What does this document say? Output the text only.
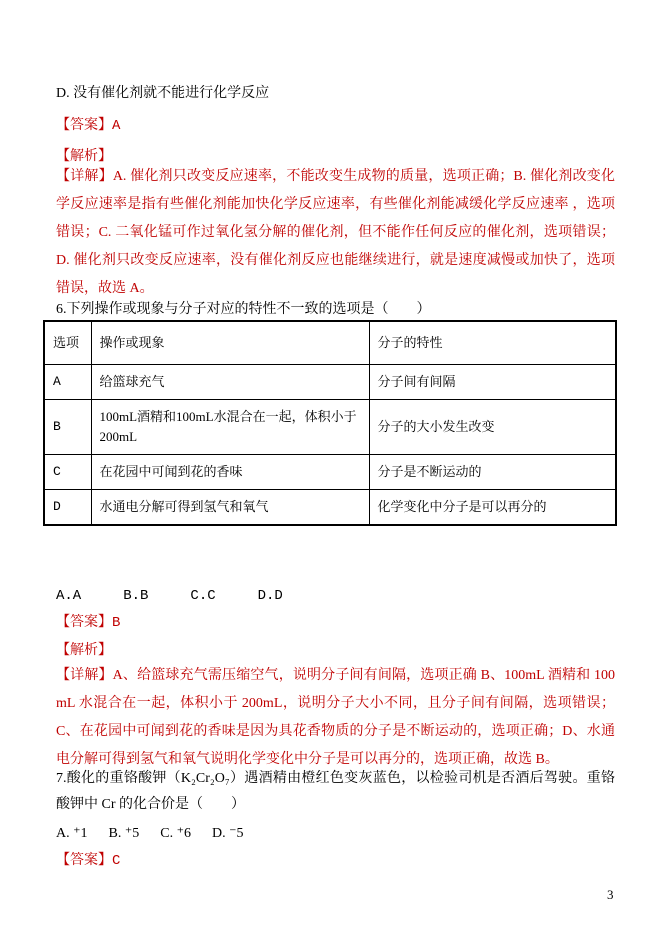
D. 没有催化剂就不能进行化学反应

【答案】A

【解析】

【详解】A. 催化剂只改变反应速率，不能改变生成物的质量，选项正确；B. 催化剂改变化学反应速率是指有些催化剂能加快化学反应速率，有些催化剂能减缓化学反应速率 ，选项错误；C. 二氧化锰可作过氧化氢分解的催化剂，但不能作任何反应的催化剂，选项错误；D. 催化剂只改变反应速率，没有催化剂反应也能继续进行，就是速度减慢或加快了，选项错误，故选 A。

6.下列操作或现象与分子对应的特性不一致的选项是（　　）

选项	操作或现象	分子的特性
A	给篮球充气	分子间有间隔
B	100mL酒精和100mL水混合在一起，体积小于200mL	分子的大小发生改变
C	在花园中可闻到花的香味	分子是不断运动的
D	水通电分解可得到氢气和氧气	化学变化中分子是可以再分的

A.A     B.B     C.C     D.D

【答案】B

【解析】

【详解】A、给篮球充气需压缩空气，说明分子间有间隔，选项正确 B、100mL 酒精和 100mL 水混合在一起，体积小于 200mL，说明分子大小不同，且分子间有间隔，选项错误；C、在花园中可闻到花的香味是因为具花香物质的分子是不断运动的，选项正确；D、水通电分解可得到氢气和氧气说明化学变化中分子是可以再分的，选项正确，故选 B。

7.酸化的重铬酸钾（K₂Cr₂O₇）遇酒精由橙红色变灰蓝色，以检验司机是否酒后驾驶。重铬酸钾中 Cr 的化合价是（　　）

A. ⁺1      B. ⁺5      C. ⁺6      D. ⁻5

【答案】C

3
